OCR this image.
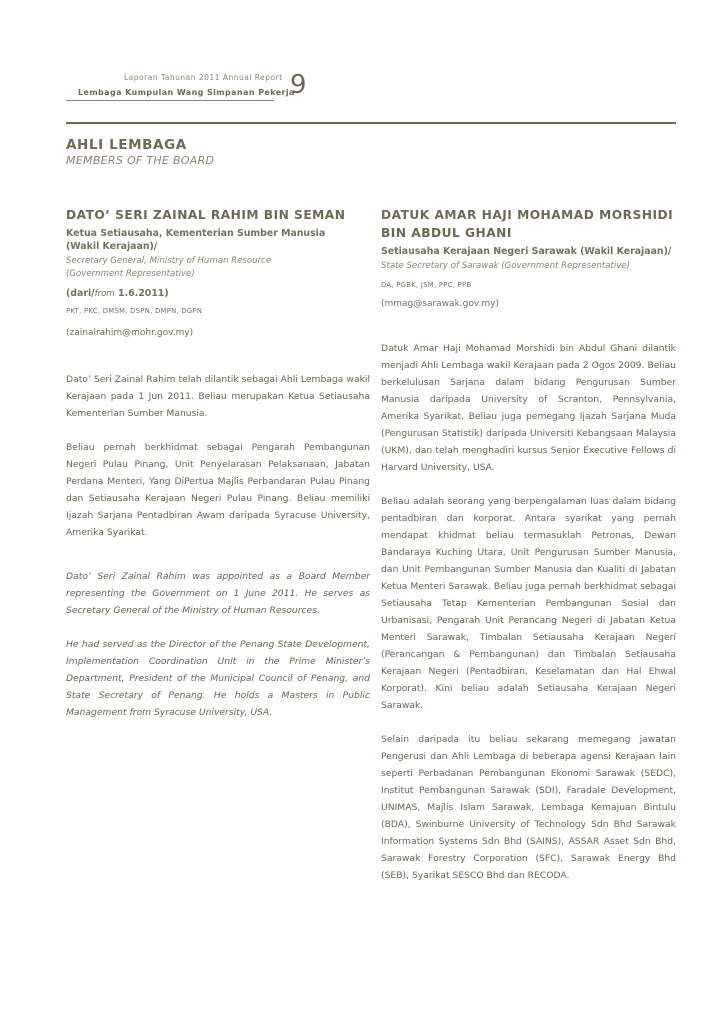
Laporan Tahunan 2011 Annual Report
Lembaga Kumpulan Wang Simpanan Pekerja
9
AHLI LEMBAGA
MEMBERS OF THE BOARD
DATO’ SERI ZAINAL RAHIM BIN SEMAN
Ketua Setiausaha, Kementerian Sumber Manusia
(Wakil Kerajaan)/
Secretary General, Ministry of Human Resource
(Government Representative)
(dari/from 1.6.2011)
PKT, PKC, DMSM, DSPN, DMPN, DGPN
(zainalrahim@mohr.gov.my)

Dato’ Seri Zainal Rahim telah dilantik sebagai Ahli Lembaga wakil Kerajaan pada 1 Jun 2011. Beliau merupakan Ketua Setiausaha Kementerian Sumber Manusia.

Beliau pernah berkhidmat sebagai Pengarah Pembangunan Negeri Pulau Pinang, Unit Penyelarasan Pelaksanaan, Jabatan Perdana Menteri, Yang DiPertua Majlis Perbandaran Pulau Pinang dan Setiausaha Kerajaan Negeri Pulau Pinang. Beliau memiliki Ijazah Sarjana Pentadbiran Awam daripada Syracuse University, Amerika Syarikat.

Dato’ Seri Zainal Rahim was appointed as a Board Member representing the Government on 1 June 2011. He serves as Secretary General of the Ministry of Human Resources.

He had served as the Director of the Penang State Development, Implementation Coordination Unit in the Prime Minister’s Department, President of the Municipal Council of Penang, and State Secretary of Penang. He holds a Masters in Public Management from Syracuse University, USA.

DATUK AMAR HAJI MOHAMAD MORSHIDI
BIN ABDUL GHANI
Setiausaha Kerajaan Negeri Sarawak (Wakil Kerajaan)/
State Secretary of Sarawak (Government Representative)
DA, PGBK, JSM, PPC, PPB
(mmag@sarawak.gov.my)

Datuk Amar Haji Mohamad Morshidi bin Abdul Ghani dilantik menjadi Ahli Lembaga wakil Kerajaan pada 2 Ogos 2009. Beliau berkelulusan Sarjana dalam bidang Pengurusan Sumber Manusia daripada University of Scranton, Pennsylvania, Amerika Syarikat. Beliau juga pemegang Ijazah Sarjana Muda (Pengurusan Statistik) daripada Universiti Kebangsaan Malaysia (UKM), dan telah menghadiri kursus Senior Executive Fellows di Harvard University, USA.

Beliau adalah seorang yang berpengalaman luas dalam bidang pentadbiran dan korporat. Antara syarikat yang pernah mendapat khidmat beliau termasuklah Petronas, Dewan Bandaraya Kuching Utara, Unit Pengurusan Sumber Manusia, dan Unit Pembangunan Sumber Manusia dan Kualiti di Jabatan Ketua Menteri Sarawak. Beliau juga pernah berkhidmat sebagai Setiausaha Tetap Kementerian Pembangunan Sosial dan Urbanisasi, Pengarah Unit Perancang Negeri di Jabatan Ketua Menteri Sarawak, Timbalan Setiausaha Kerajaan Negeri (Perancangan & Pembangunan) dan Timbalan Setiausaha Kerajaan Negeri (Pentadbiran, Keselamatan dan Hal Ehwal Korporat). Kini beliau adalah Setiausaha Kerajaan Negeri Sarawak.

Selain daripada itu beliau sekarang memegang jawatan Pengerusi dan Ahli Lembaga di beberapa agensi Kerajaan lain seperti Perbadanan Pembangunan Ekonomi Sarawak (SEDC), Institut Pembangunan Sarawak (SDI), Faradale Development, UNIMAS, Majlis Islam Sarawak, Lembaga Kemajuan Bintulu (BDA), Swinburne University of Technology Sdn Bhd Sarawak Information Systems Sdn Bhd (SAINS), ASSAR Asset Sdn Bhd, Sarawak Forestry Corporation (SFC), Sarawak Energy Bhd (SEB), Syarikat SESCO Bhd dan RECODA.
